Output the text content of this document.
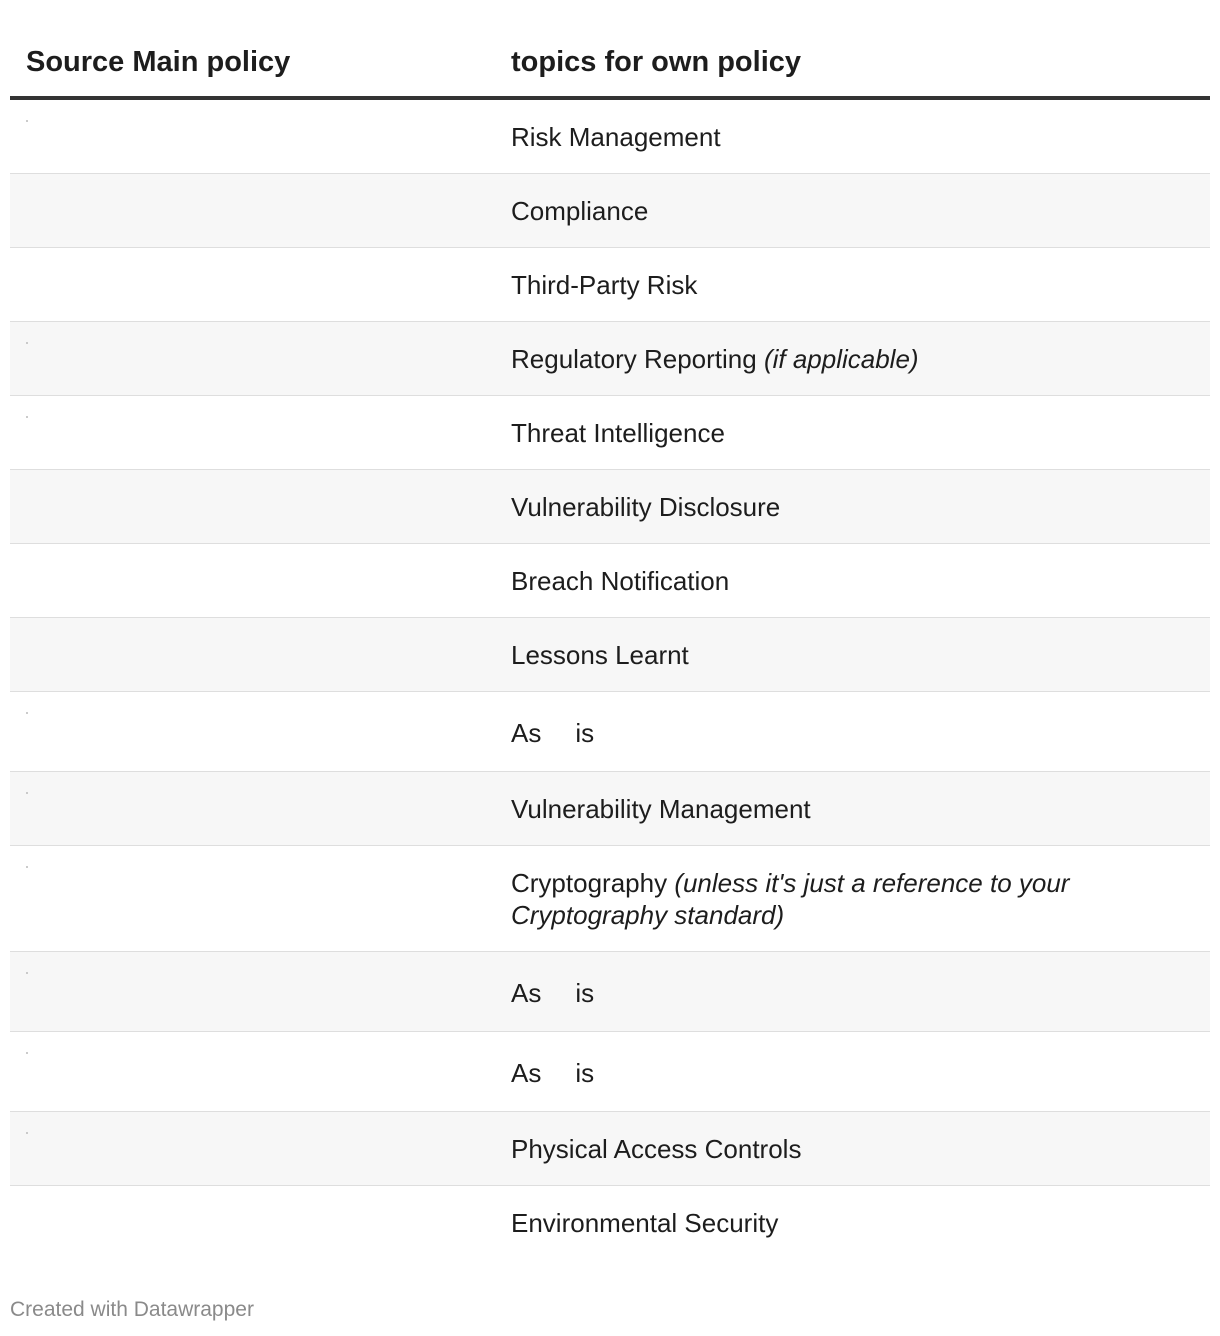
Source Main policy	topics for own policy
Risk Management
Compliance
Third-Party Risk
Regulatory Reporting (if applicable)
Threat Intelligence
Vulnerability Disclosure
Breach Notification
Lessons Learnt
As is
Vulnerability Management
Cryptography (unless it's just a reference to your Cryptography standard)
As is
As is
Physical Access Controls
Environmental Security
Created with Datawrapper
